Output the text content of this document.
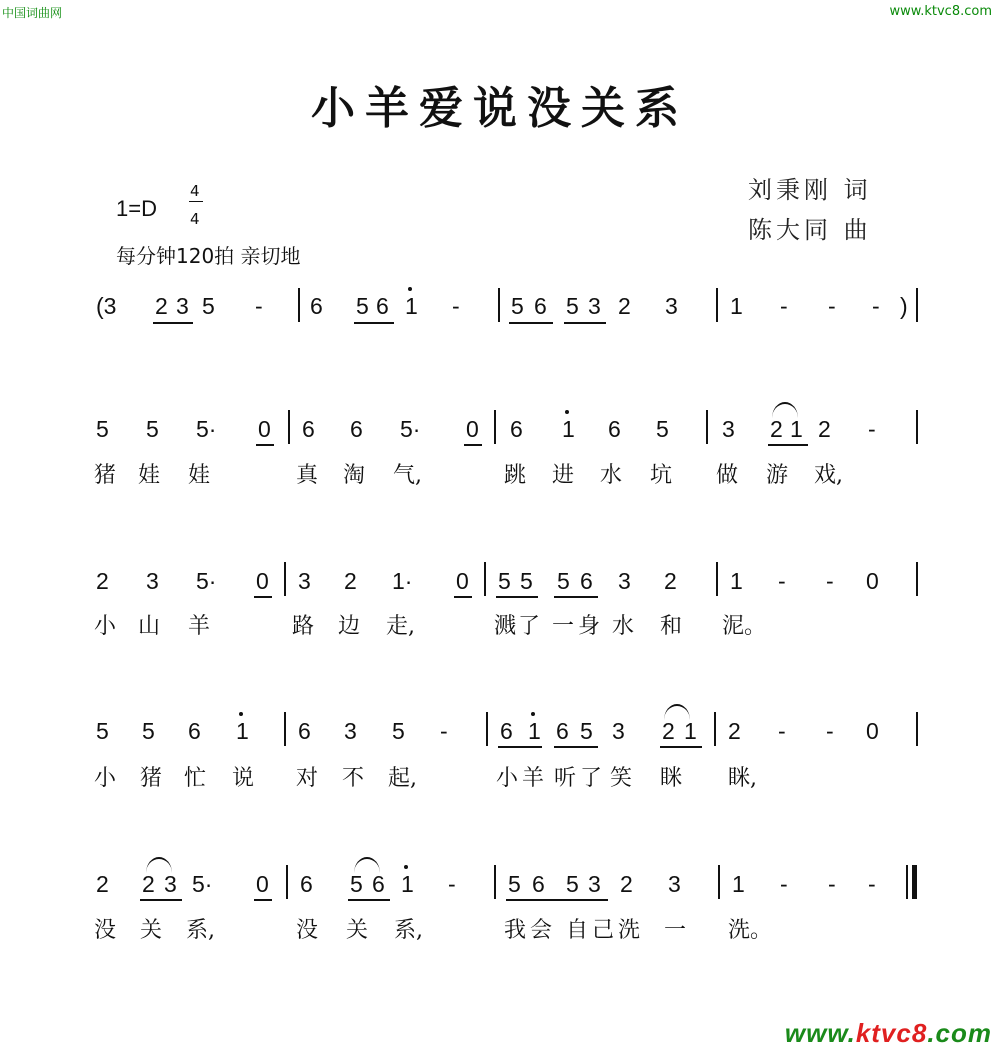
中国词曲网	www.ktvc8.com
小羊爱说没关系
刘秉刚 词
陈大同 曲
1=D
4
4
每分钟120拍 亲切地
(3 2 3 5 - 6 5 6 1 - 5 6 5 3 2 3 1 - - - )
5 5 5· 0 6 6 5· 0 6 1 6 5 3 2 1 2 -
猪 娃 娃	真 淘 气,	跳 进 水 坑 做 游 戏,
2 3 5· 0 3 2 1· 0 5 5 5 6 3 2 1 - - 0
小 山 羊	路 边 走,	溅 了 一 身 水 和 泥。
5 5 6 1 6 3 5 - 6 1 6 5 3 2 1 2 - - 0
小 猪 忙 说 对 不 起,	小 羊 听 了 笑 眯 眯,
2 2 3 5· 0 6 5 6 1 - 5 6 5 3 2 3 1 - - -
没 关 系,	没 关 系,	我 会 自 己 洗 一 洗。
www.ktvc8.com
